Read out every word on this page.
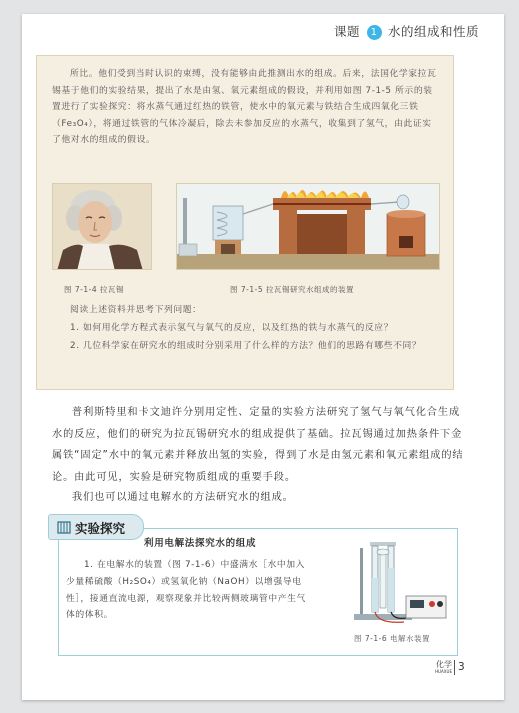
课题 1 水的组成和性质

所比。他们受到当时认识的束缚，没有能够由此推测出水的组成。后来，法国化学家拉瓦锡基于他们的实验结果，提出了水是由氢、氧元素组成的假设，并利用如图 7-1-5 所示的装置进行了实验探究：将水蒸气通过红热的铁管，使水中的氧元素与铁结合生成四氧化三铁（Fe₃O₄），将通过铁管的气体冷凝后，除去未参加反应的水蒸气，收集到了氢气，由此证实了他对水的组成的假设。

图 7-1-4 拉瓦锡	图 7-1-5 拉瓦锡研究水组成的装置
阅读上述资料并思考下列问题：
1. 如何用化学方程式表示氢气与氧气的反应，以及红热的铁与水蒸气的反应？
2. 几位科学家在研究水的组成时分别采用了什么样的方法？他们的思路有哪些不同？

普利斯特里和卡文迪许分别用定性、定量的实验方法研究了氢气与氧气化合生成水的反应，他们的研究为拉瓦锡研究水的组成提供了基础。拉瓦锡通过加热条件下金属铁“固定”水中的氧元素并释放出氢的实验，得到了水是由氢元素和氧元素组成的结论。由此可见，实验是研究物质组成的重要手段。

我们也可以通过电解水的方法研究水的组成。

实验探究
利用电解法探究水的组成

1. 在电解水的装置（图 7-1-6）中盛满水［水中加入少量稀硫酸（H₂SO₄）或氢氧化钠（NaOH）以增强导电性］，接通直流电源，观察现象并比较两侧玻璃管中产生气体的体积。

图 7-1-6 电解水装置
化学
HUAXUE 3
